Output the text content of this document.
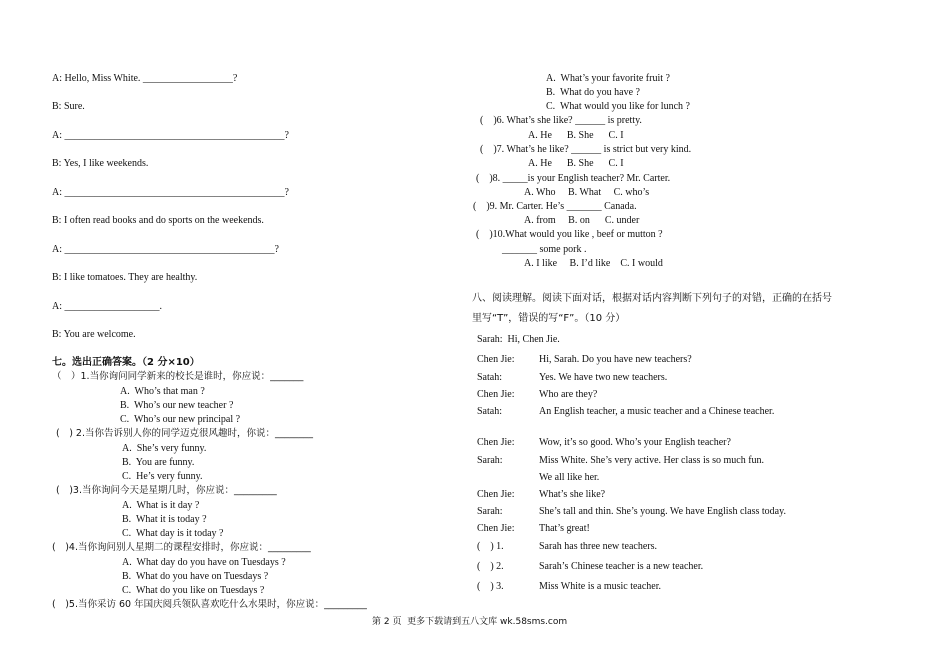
A: Hello, Miss White. __________________?
B: Sure.
A: ____________________________________________?
B: Yes, I like weekends.
A: ____________________________________________?
B: I often read books and do sports on the weekends.
A: __________________________________________?
B: I like tomatoes. They are healthy.
A: ___________________.
B: You are welcome.
七。选出正确答案。（2 分×10）
（　）1.当你询问同学新来的校长是谁时，你应说：_______
A.  Who’s that man ?
B.  Who’s our new teacher ?
C.  Who’s our new principal ?
(　) 2.当你告诉别人你的同学迈克很风趣时，你说：________
A.  She’s very funny.
B.  You are funny.
C.  He’s very funny.
(　)3.当你询问今天是星期几时，你应说：_________
A.  What is it day ?
B.  What it is today ?
C.  What day is it today ?
(　)4.当你询问别人星期二的课程安排时，你应说：_________
A.  What day do you have on Tuesdays ?
B.  What do you have on Tuesdays ?
C.  What do you like on Tuesdays ?
(　)5.当你采访 60 年国庆阅兵领队喜欢吃什么水果时，你应说：_________
A.  What’s your favorite fruit ?
B.  What do you have ?
C.  What would you like for lunch ?
(　)6. What’s she like? ______ is pretty.
A. He      B. She      C. I
(　)7. What’s he like? ______ is strict but very kind.
A. He      B. She      C. I
(　)8. _____is your English teacher? Mr. Carter.
A. Who     B. What     C. who’s
(　)9. Mr. Carter. He’s _______ Canada.
A. from     B. on      C. under
(　)10.What would you like , beef or mutton ?
_______ some pork .
A. I like     B. I’d like    C. I would
八、阅读理解。阅读下面对话，根据对话内容判断下列句子的对错，正确的在括号
里写“T”，错误的写“F”。（10 分）
Sarah:  Hi, Chen Jie.
Chen Jie: Hi, Sarah. Do you have new teachers?
Satah:	Yes. We have two new teachers.
Chen Jie: Who are they?
Satah:	An English teacher, a music teacher and a Chinese teacher.
Chen Jie: Wow, it’s so good. Who’s your English teacher?
Sarah:	Miss White. She’s very active. Her class is so much fun.
We all like her.
Chen Jie: What’s she like?
Sarah:	She’s tall and thin. She’s young. We have English class today.
Chen Jie: That’s great!
(　) 1.	Sarah has three new teachers.
(　) 2.	Sarah’s Chinese teacher is a new teacher.
(　) 3.	Miss White is a music teacher.
第 2 页  更多下载请到五八文库 wk.58sms.com
